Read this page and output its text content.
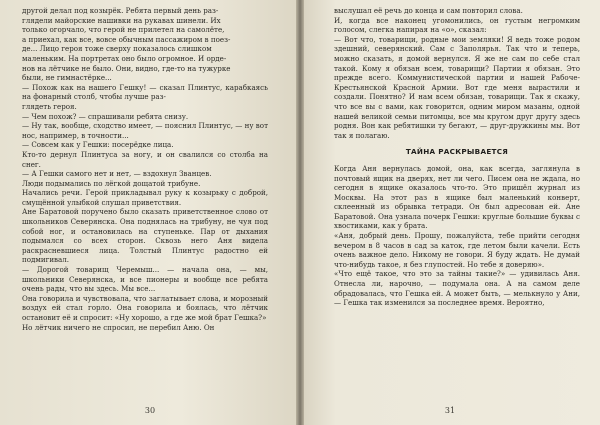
другой делал под козырёк. Ребята первый день раз-

глядели майорские нашивки на рукавах шинели. Их

только огорчало, что герой не прилетел на самолёте,

а приехал, как все, вовсе обычным пассажиром в поез-

де... Лицо героя тоже сверху показалось слишком

маленьким. На портретах оно было огромное. И орде-

нов на лётчике не было. Они, видно, где-то на тужурке

были, не гимнастёрке...

— Похож как на нашего Гешку! — сказал Плинтус, карабкаясь на фонарный столб, чтобы лучше раз-

глядеть героя.

— Чем похож? — спрашивали ребята снизу.

— Ну так, вообще, сходство имеет, — пояснил Плинтус, — ну вот нос, например, в точности...

— Совсем как у Гешки: посерёдке лица.

Кто-то дернул Плинтуса за ногу, и он свалился со столба на снег.

— А Гешки самого нет и нет, — вздохнул Званцев.

Люди подымались по лёгкой дощатой трибуне.

Начались речи. Герой прикладывал руку к козырьку с доброй, смущённой улыбкой слушал приветствия.

Ане Баратовой поручено было сказать приветственное слово от школьников Северянска. Она поднялась на трибуну, не чуя под собой ног, и остановилась на ступеньке. Пар от дыхания подымался со всех сторон. Сквозь него Аня видела раскрасневшиеся лица. Толстый Плинтус радостно ей подмигивал.

— Дорогой товарищ Черемыш... — начала она, — мы, школьники Северянска, и все пионеры и вообще все ребята очень рады, что вы здесь. Мы все...

Она говорила и чувствовала, что заглатывает слова, и морозный воздух ей стал горло. Она говорила и боялась, что лётчик остановит её и спросит: «Ну хорошо, а где же мой брат Гешка?»

Но лётчик ничего не спросил, не перебил Аню. Он

30

выслушал её речь до конца и сам повторил слова.

И, когда все наконец угомонились, он густым негромким голосом, слегка напирая на «о», сказал:

— Вот что, товарищи, родные мои земляки! Я ведь тоже родом здешний, северянский. Сам с Заполярья. Так что и теперь, можно сказать, я домой вернулся. Я же не сам по себе стал такой. Кому я обязан всем, товарищи? Партии я обязан. Это прежде всего. Коммунистической партии и нашей Рабоче-Крестьянской Красной Армии. Вот где меня вырастили и создали. Понятно? И нам всем обязан, товарищи. Так я скажу, что все вы с вами, как говорится, одним миром мазаны, одной нашей великой семьи питомцы, все мы кругом друг другу здесь родня. Вон как ребятишки ту бегают, — друг-дружкины мы. Вот так я полагаю.

ТАЙНА РАСКРЫВАЕТСЯ

Когда Аня вернулась домой, она, как всегда, заглянула в почтовый ящик на дверях, нет ли чего. Писем она не ждала, но сегодня в ящике оказалось что-то. Это пришёл журнал из Москвы. На этот раз в ящике был маленький конверт, склеенный из обрывка тетради. Он был адресован ей. Ане Баратовой. Она узнала почерк Гешки: круглые большие буквы с хвостиками, как у брата.

«Аня, добрый день. Прошу, пожалуйста, тебе прийти сегодня вечером в 8 часов в сад за каток, где летом были качели. Есть очень важное дело. Никому не говори. Я буду ждать. Не думай что-нибудь такое, я без глупостей. Но тебе я доверяю».

«Что ещё такое, что это за тайны такие?» — удивилась Аня. Отнесла ли, нарочно, — подумала она. А на самом деле обрадовалась, что Гешка ей. А может быть, — мелькнуло у Ани, — Гешка так изменился за последнее время. Вероятно,

31
